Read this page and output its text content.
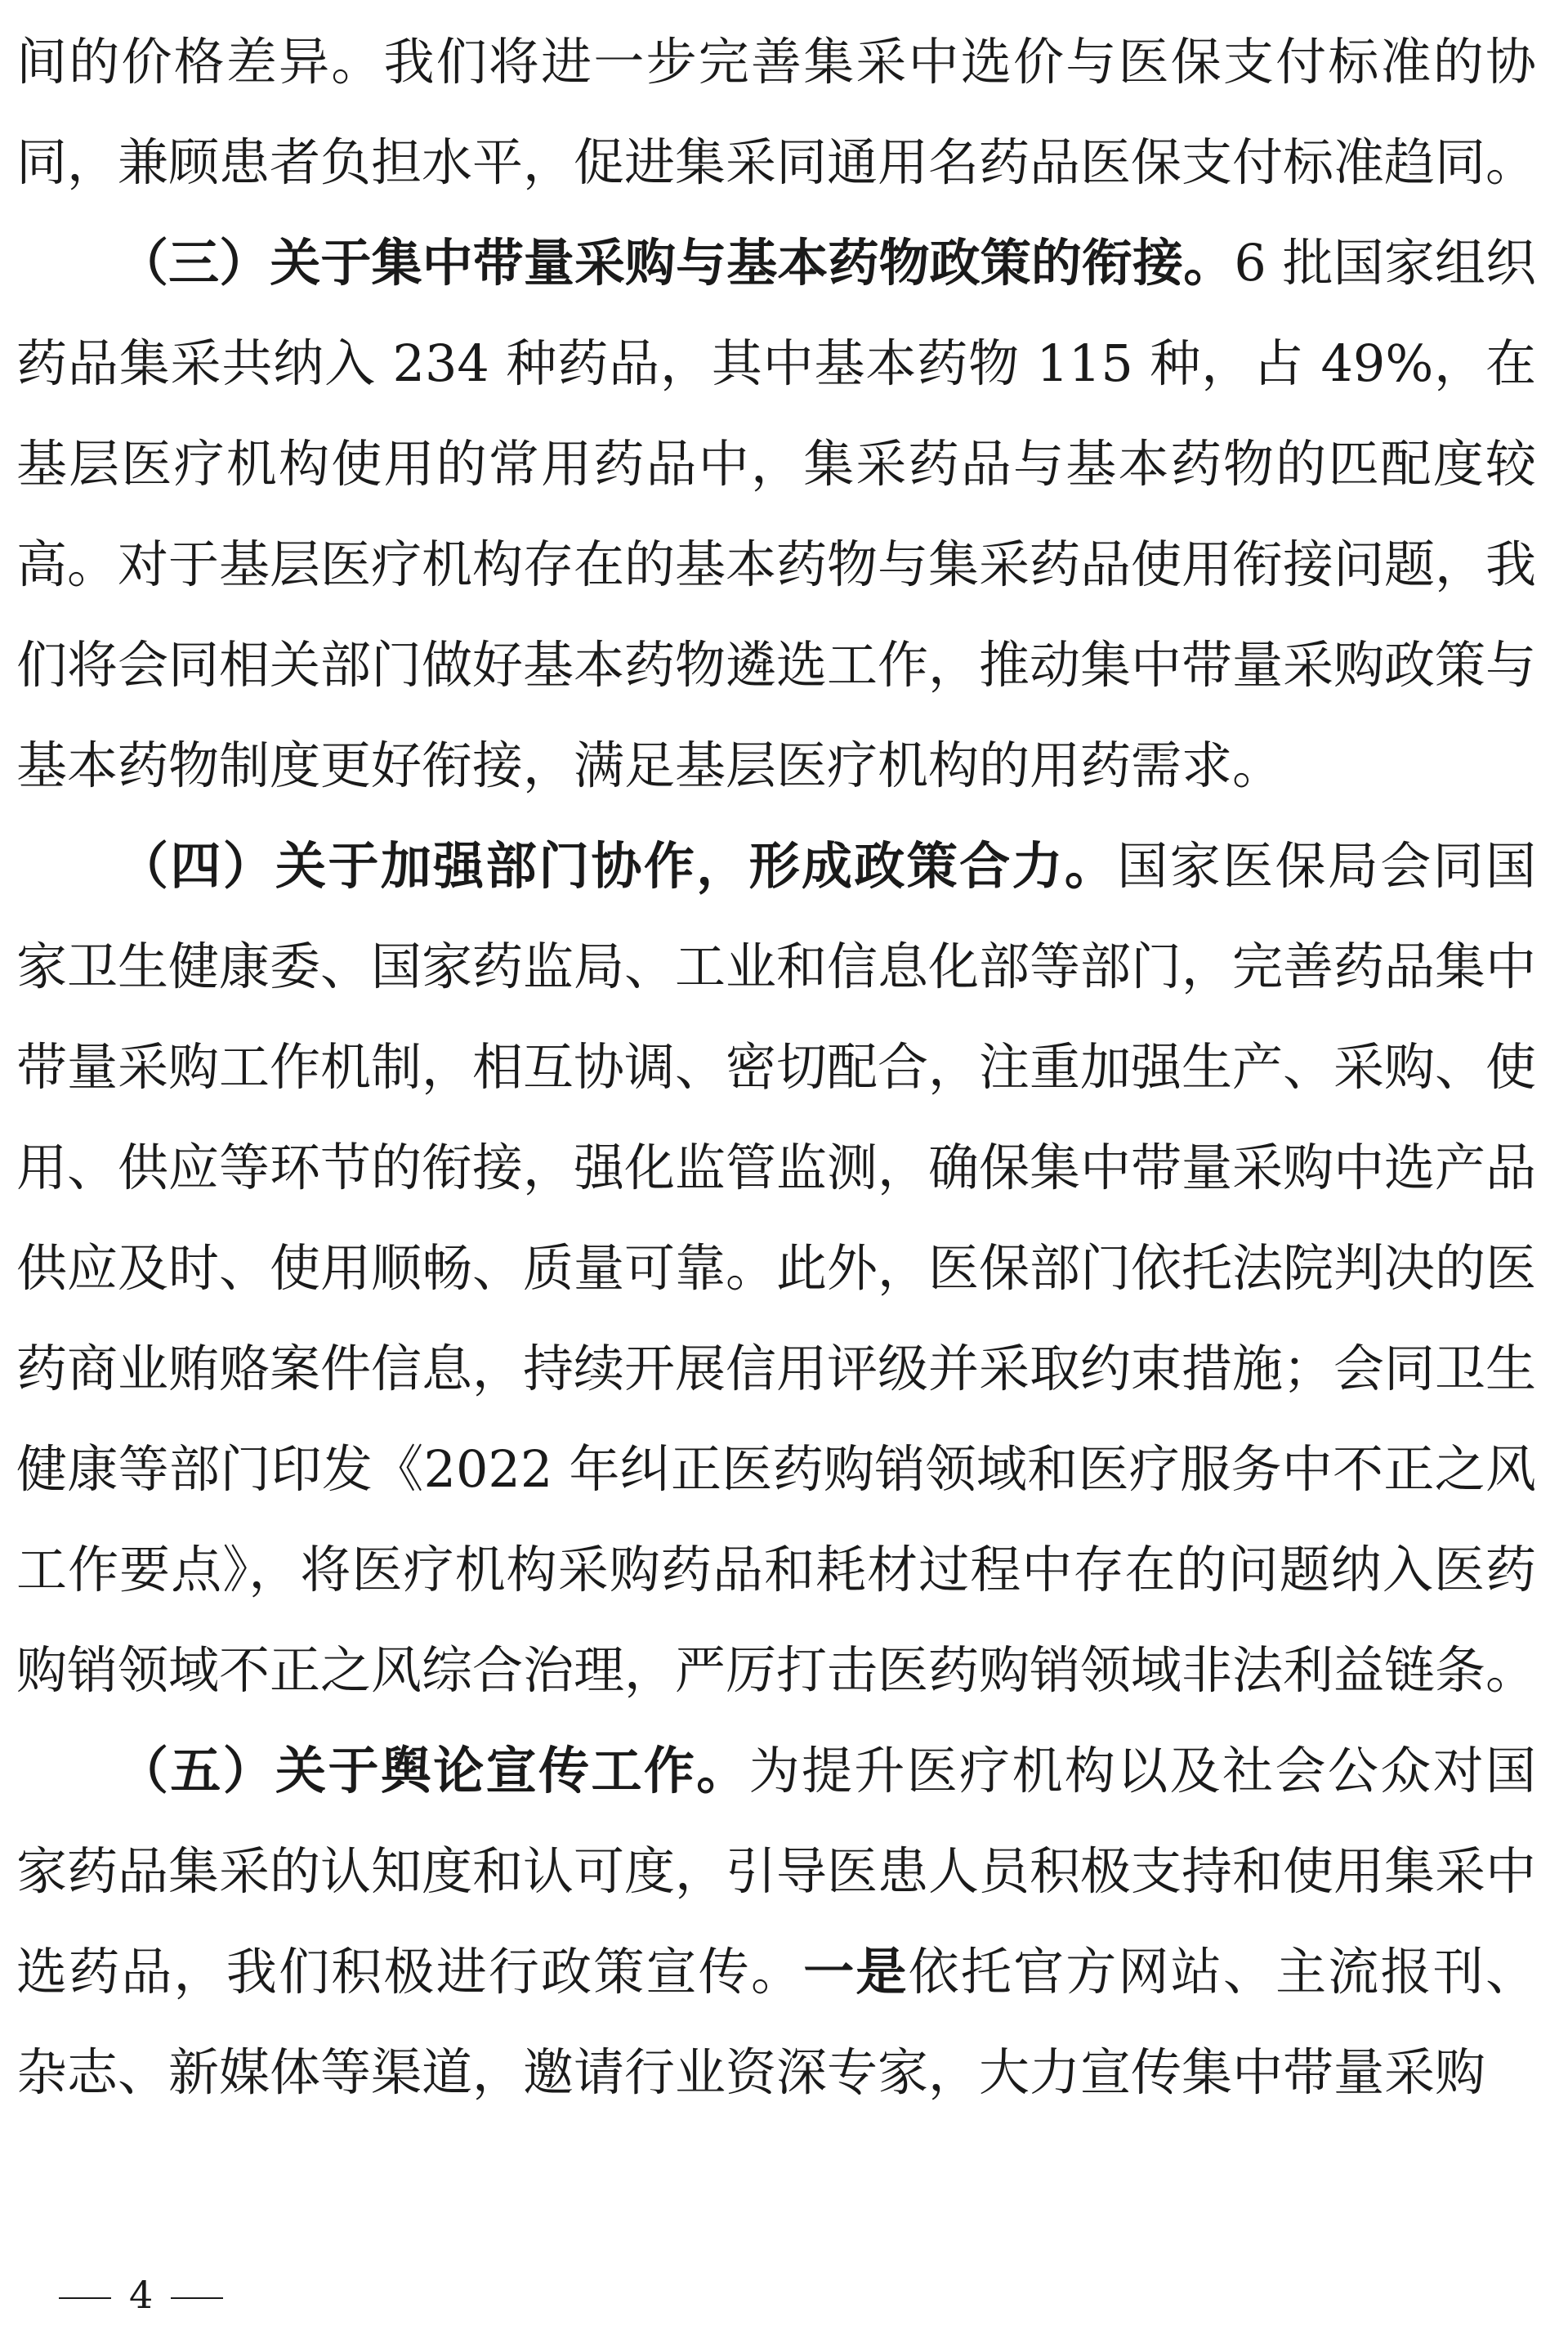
间的价格差异。我们将进一步完善集采中选价与医保支付标准的协同，兼顾患者负担水平，促进集采同通用名药品医保支付标准趋同。

（三）关于集中带量采购与基本药物政策的衔接。6 批国家组织药品集采共纳入 234 种药品，其中基本药物 115 种，占 49%，在基层医疗机构使用的常用药品中，集采药品与基本药物的匹配度较高。对于基层医疗机构存在的基本药物与集采药品使用衔接问题，我们将会同相关部门做好基本药物遴选工作，推动集中带量采购政策与基本药物制度更好衔接，满足基层医疗机构的用药需求。

（四）关于加强部门协作，形成政策合力。国家医保局会同国家卫生健康委、国家药监局、工业和信息化部等部门，完善药品集中带量采购工作机制，相互协调、密切配合，注重加强生产、采购、使用、供应等环节的衔接，强化监管监测，确保集中带量采购中选产品供应及时、使用顺畅、质量可靠。此外，医保部门依托法院判决的医药商业贿赂案件信息，持续开展信用评级并采取约束措施；会同卫生健康等部门印发《2022 年纠正医药购销领域和医疗服务中不正之风工作要点》，将医疗机构采购药品和耗材过程中存在的问题纳入医药购销领域不正之风综合治理，严厉打击医药购销领域非法利益链条。

（五）关于舆论宣传工作。为提升医疗机构以及社会公众对国家药品集采的认知度和认可度，引导医患人员积极支持和使用集采中选药品，我们积极进行政策宣传。一是依托官方网站、主流报刊、杂志、新媒体等渠道，邀请行业资深专家，大力宣传集中带量采购

4
